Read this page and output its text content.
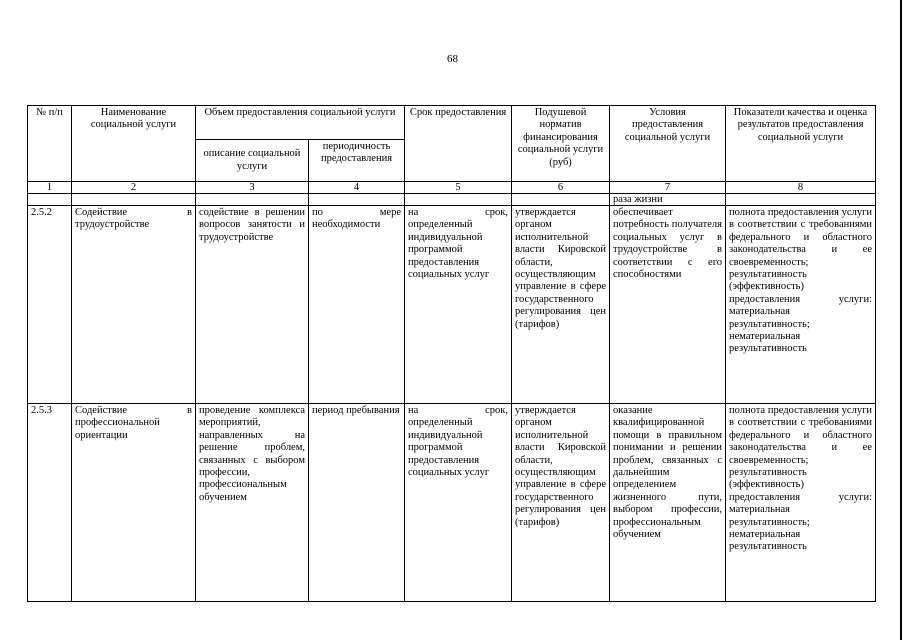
68
№ п/п	Наименование социальной услуги	Объем предоставления социальной услуги		Срок предоставления	Подушевой норматив финансирования социальной услуги (руб)	Условия предоставления социальной услуги	Показатели качества и оценка результатов предоставления социальной услуги
		описание социальной услуги	периодичность предоставления				
1	2	3	4	5	6	7	8
						раза жизни	
2.5.2	Содействие в трудоустройстве	содействие в решении вопросов занятости и трудоустройстве	по мере необходимости	на срок, определенный индивидуальной программой предоставления социальных услуг	утверждается органом исполнительной власти Кировской области, осуществляющим управление в сфере государственного регулирования цен (тарифов)	обеспечивает потребность получателя социальных услуг в трудоустройстве в соответствии с его способностями	полнота предоставления услуги в соответствии с требованиями федерального и областного законодательства и ее своевременность; результативность (эффективность) предоставления услуги: материальная результативность; нематериальная результативность
2.5.3	Содействие в профессиональной ориентации	проведение комплекса мероприятий, направленных на решение проблем, связанных с выбором профессии, профессиональным обучением	период пребывания	на срок, определенный индивидуальной программой предоставления социальных услуг	утверждается органом исполнительной власти Кировской области, осуществляющим управление в сфере государственного регулирования цен (тарифов)	оказание квалифицированной помощи в правильном понимании и решении проблем, связанных с дальнейшим определением жизненного пути, выбором профессии, профессиональным обучением	полнота предоставления услуги в соответствии с требованиями федерального и областного законодательства и ее своевременность; результативность (эффективность) предоставления услуги: материальная результативность; нематериальная результативность
